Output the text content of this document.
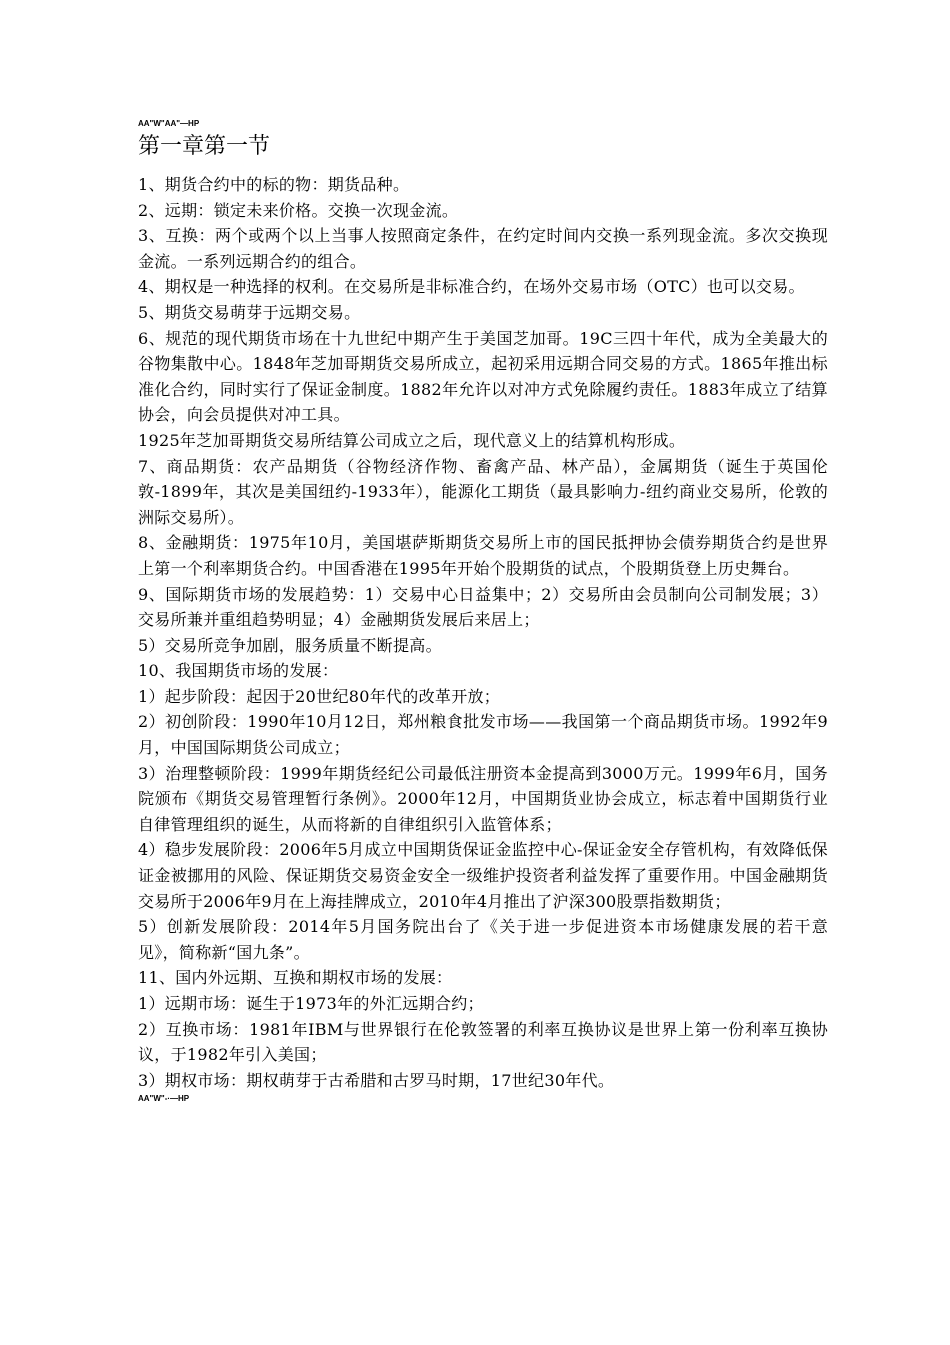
AA"W"AA"—HP

第一章第一节

1、期货合约中的标的物：期货品种。

2、远期：锁定未来价格。交换一次现金流。

3、互换：两个或两个以上当事人按照商定条件，在约定时间内交换一系列现金流。多次交换现金流。一系列远期合约的组合。

4、期权是一种选择的权利。在交易所是非标准合约，在场外交易市场（OTC）也可以交易。

5、期货交易萌芽于远期交易。

6、规范的现代期货市场在十九世纪中期产生于美国芝加哥。19C三四十年代，成为全美最大的谷物集散中心。1848年芝加哥期货交易所成立，起初采用远期合同交易的方式。1865年推出标准化合约，同时实行了保证金制度。1882年允许以对冲方式免除履约责任。1883年成立了结算协会，向会员提供对冲工具。

1925年芝加哥期货交易所结算公司成立之后，现代意义上的结算机构形成。

7、商品期货：农产品期货（谷物经济作物、畜禽产品、林产品），金属期货（诞生于英国伦敦-1899年，其次是美国纽约-1933年），能源化工期货（最具影响力-纽约商业交易所，伦敦的洲际交易所）。

8、金融期货：1975年10月，美国堪萨斯期货交易所上市的国民抵押协会债券期货合约是世界上第一个利率期货合约。中国香港在1995年开始个股期货的试点，个股期货登上历史舞台。

9、国际期货市场的发展趋势：1）交易中心日益集中；2）交易所由会员制向公司制发展；3）交易所兼并重组趋势明显；4）金融期货发展后来居上；

5）交易所竞争加剧，服务质量不断提高。

10、我国期货市场的发展：

1）起步阶段：起因于20世纪80年代的改革开放；

2）初创阶段：1990年10月12日，郑州粮食批发市场——我国第一个商品期货市场。1992年9月，中国国际期货公司成立；

3）治理整顿阶段：1999年期货经纪公司最低注册资本金提高到3000万元。1999年6月，国务院颁布《期货交易管理暂行条例》。2000年12月，中国期货业协会成立，标志着中国期货行业自律管理组织的诞生，从而将新的自律组织引入监管体系；

4）稳步发展阶段：2006年5月成立中国期货保证金监控中心-保证金安全存管机构，有效降低保证金被挪用的风险、保证期货交易资金安全一级维护投资者利益发挥了重要作用。中国金融期货交易所于2006年9月在上海挂牌成立，2010年4月推出了沪深300股票指数期货；

5）创新发展阶段：2014年5月国务院出台了《关于进一步促进资本市场健康发展的若干意见》，简称新“国九条”。

11、国内外远期、互换和期权市场的发展：

1）远期市场：诞生于1973年的外汇远期合约；

2）互换市场：1981年IBM与世界银行在伦敦签署的利率互换协议是世界上第一份利率互换协议，于1982年引入美国；

3）期权市场：期权萌芽于古希腊和古罗马时期，17世纪30年代。

AA"W"-·—HP
